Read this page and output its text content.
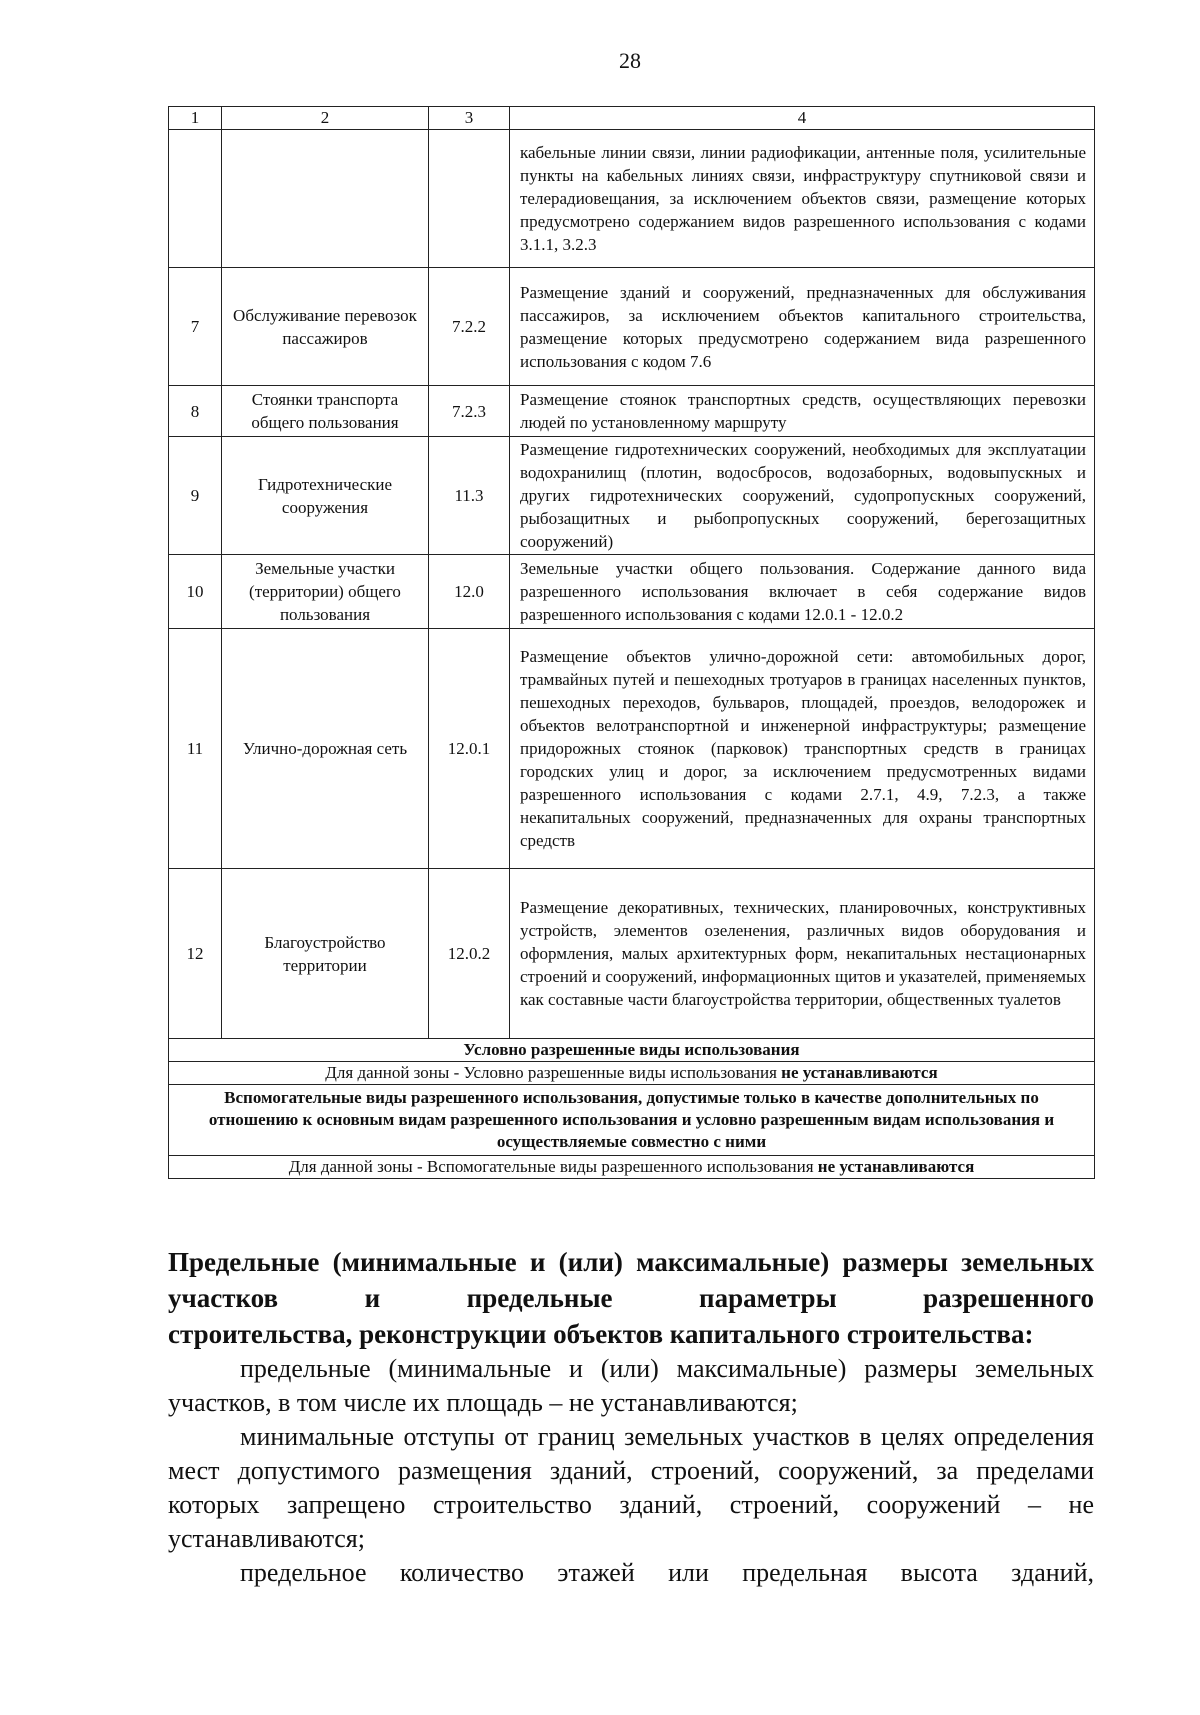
28
1	2	3	4
			кабельные линии связи, линии радиофикации, антенные поля, усилительные пункты на кабельных линиях связи, инфраструктуру спутниковой связи и телерадиовещания, за исключением объектов связи, размещение которых предусмотрено содержанием видов разрешенного использования с кодами 3.1.1, 3.2.3
7	Обслуживание перевозок пассажиров	7.2.2	Размещение зданий и сооружений, предназначенных для обслуживания пассажиров, за исключением объектов капитального строительства, размещение которых предусмотрено содержанием вида разрешенного использования с кодом 7.6
8	Стоянки транспорта общего пользования	7.2.3	Размещение стоянок транспортных средств, осуществляющих перевозки людей по установленному маршруту
9	Гидротехнические сооружения	11.3	Размещение гидротехнических сооружений, необходимых для эксплуатации водохранилищ (плотин, водосбросов, водозаборных, водовыпускных и других гидротехнических сооружений, судопропускных сооружений, рыбозащитных и рыбопропускных сооружений, берегозащитных сооружений)
10	Земельные участки (территории) общего пользования	12.0	Земельные участки общего пользования. Содержание данного вида разрешенного использования включает в себя содержание видов разрешенного использования с кодами 12.0.1 - 12.0.2
11	Улично-дорожная сеть	12.0.1	Размещение объектов улично-дорожной сети: автомобильных дорог, трамвайных путей и пешеходных тротуаров в границах населенных пунктов, пешеходных переходов, бульваров, площадей, проездов, велодорожек и объектов велотранспортной и инженерной инфраструктуры; размещение придорожных стоянок (парковок) транспортных средств в границах городских улиц и дорог, за исключением предусмотренных видами разрешенного использования с кодами 2.7.1, 4.9, 7.2.3, а также некапитальных сооружений, предназначенных для охраны транспортных средств
12	Благоустройство территории	12.0.2	Размещение декоративных, технических, планировочных, конструктивных устройств, элементов озеленения, различных видов оборудования и оформления, малых архитектурных форм, некапитальных нестационарных строений и сооружений, информационных щитов и указателей, применяемых как составные части благоустройства территории, общественных туалетов
Условно разрешенные виды использования			
Для данной зоны - Условно разрешенные виды использования не устанавливаются			
Вспомогательные виды разрешенного использования, допустимые только в качестве дополнительных по отношению к основным видам разрешенного использования и условно разрешенным видам использования и осуществляемые совместно с ними			
Для данной зоны - Вспомогательные виды разрешенного использования не устанавливаются			
Предельные (минимальные и (или) максимальные) размеры земельных участков и предельные параметры разрешенного
строительства, реконструкции объектов капитального строительства:

предельные (минимальные и (или) максимальные) размеры земельных участков, в том числе их площадь – не устанавливаются;

минимальные отступы от границ земельных участков в целях определения мест допустимого размещения зданий, строений, сооружений, за пределами которых запрещено строительство зданий, строений, сооружений – не устанавливаются;

предельное количество этажей или предельная высота зданий,
